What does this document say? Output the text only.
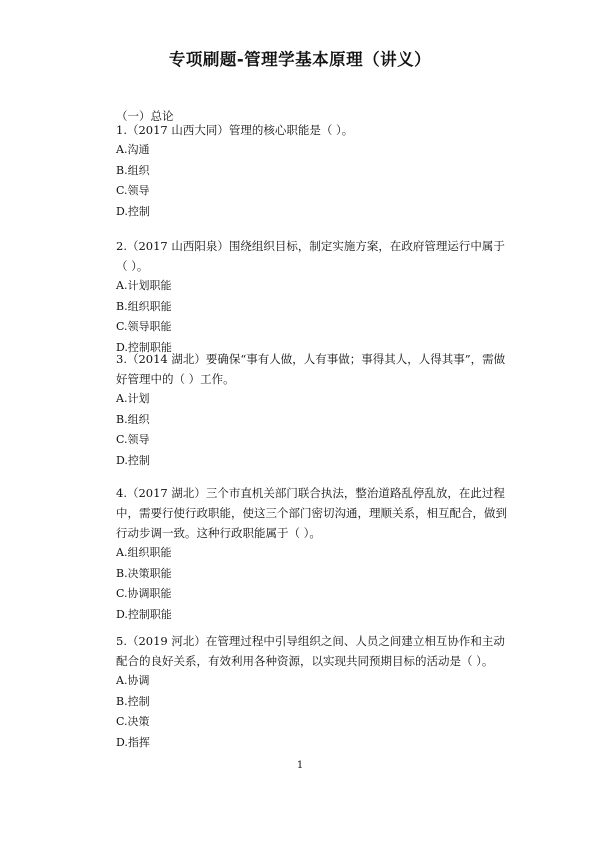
专项刷题-管理学基本原理（讲义）
（一）总论

1.（2017 山西大同）管理的核心职能是（ ）。

A.沟通
B.组织
C.领导
D.控制

2.（2017 山西阳泉）围绕组织目标，制定实施方案，在政府管理运行中属于（ ）。

A.计划职能
B.组织职能
C.领导职能
D.控制职能

3.（2014 湖北）要确保“事有人做，人有事做；事得其人，人得其事”，需做好管理中的（ ）工作。

A.计划
B.组织
C.领导
D.控制

4.（2017 湖北）三个市直机关部门联合执法，整治道路乱停乱放，在此过程中，需要行使行政职能，使这三个部门密切沟通，理顺关系，相互配合，做到行动步调一致。这种行政职能属于（ ）。

A.组织职能
B.决策职能
C.协调职能
D.控制职能

5.（2019 河北）在管理过程中引导组织之间、人员之间建立相互协作和主动配合的良好关系，有效利用各种资源，以实现共同预期目标的活动是（ ）。

A.协调
B.控制
C.决策
D.指挥
1
